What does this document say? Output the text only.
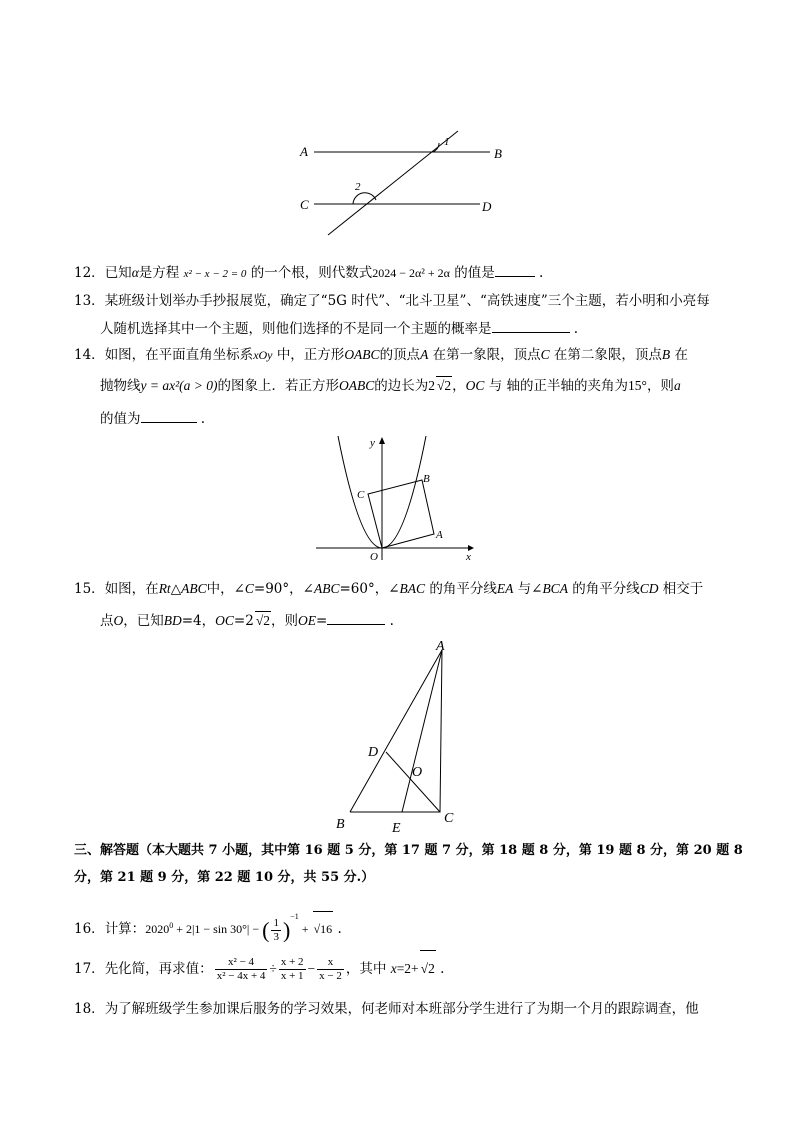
A	B
C	D
1
2
12．已知α是方程 x² − x − 2 = 0 的一个根，则代数式2024 − 2α² + 2α 的值是	.
13．某班级计划举办手抄报展览，确定了“5G 时代”、“北斗卫星”、“高铁速度”三个主题，若小明和小亮每
人随机选择其中一个主题，则他们选择的不是同一个主题的概率是	.
14．如图，在平面直角坐标系xOy 中，正方形OABC的顶点A 在第一象限，顶点C 在第二象限，顶点B 在
抛物线y = ax²(a > 0)的图象上．若正方形OABC的边长为2 √2，OC 与 轴的正半轴的夹角为15°，则a
的值为	.
y
x
O
A
B
C
15．如图，在Rt△ABC中，∠C=90°，∠ABC=60°，∠BAC 的角平分线EA 与∠BCA 的角平分线CD 相交于
点O，已知BD=4，OC=2 √2，则OE=	.
A
B	C
D
E
O
三、解答题（本大题共 7 小题，其中第 16 题 5 分，第 17 题 7 分，第 18 题 8 分，第 19 题 8 分，第 20 题 8
分，第 21 题 9 分，第 22 题 10 分，共 55 分.）
16．计算：$2020^0 + 2|1 - \sin 30^\circ|$ − ( $\frac{1}{3} )^{-1} + √16$ .
17．先化简，再求值： $\frac{\text{x² − 4}}{\text{x² − 4x + 4}} \div \frac{x + 2}{x + 1} - \frac{x}{x - 2}$ ，其中 x=2+ √2 .
18．为了解班级学生参加课后服务的学习效果，何老师对本班部分学生进行了为期一个月的跟踪调查，他
